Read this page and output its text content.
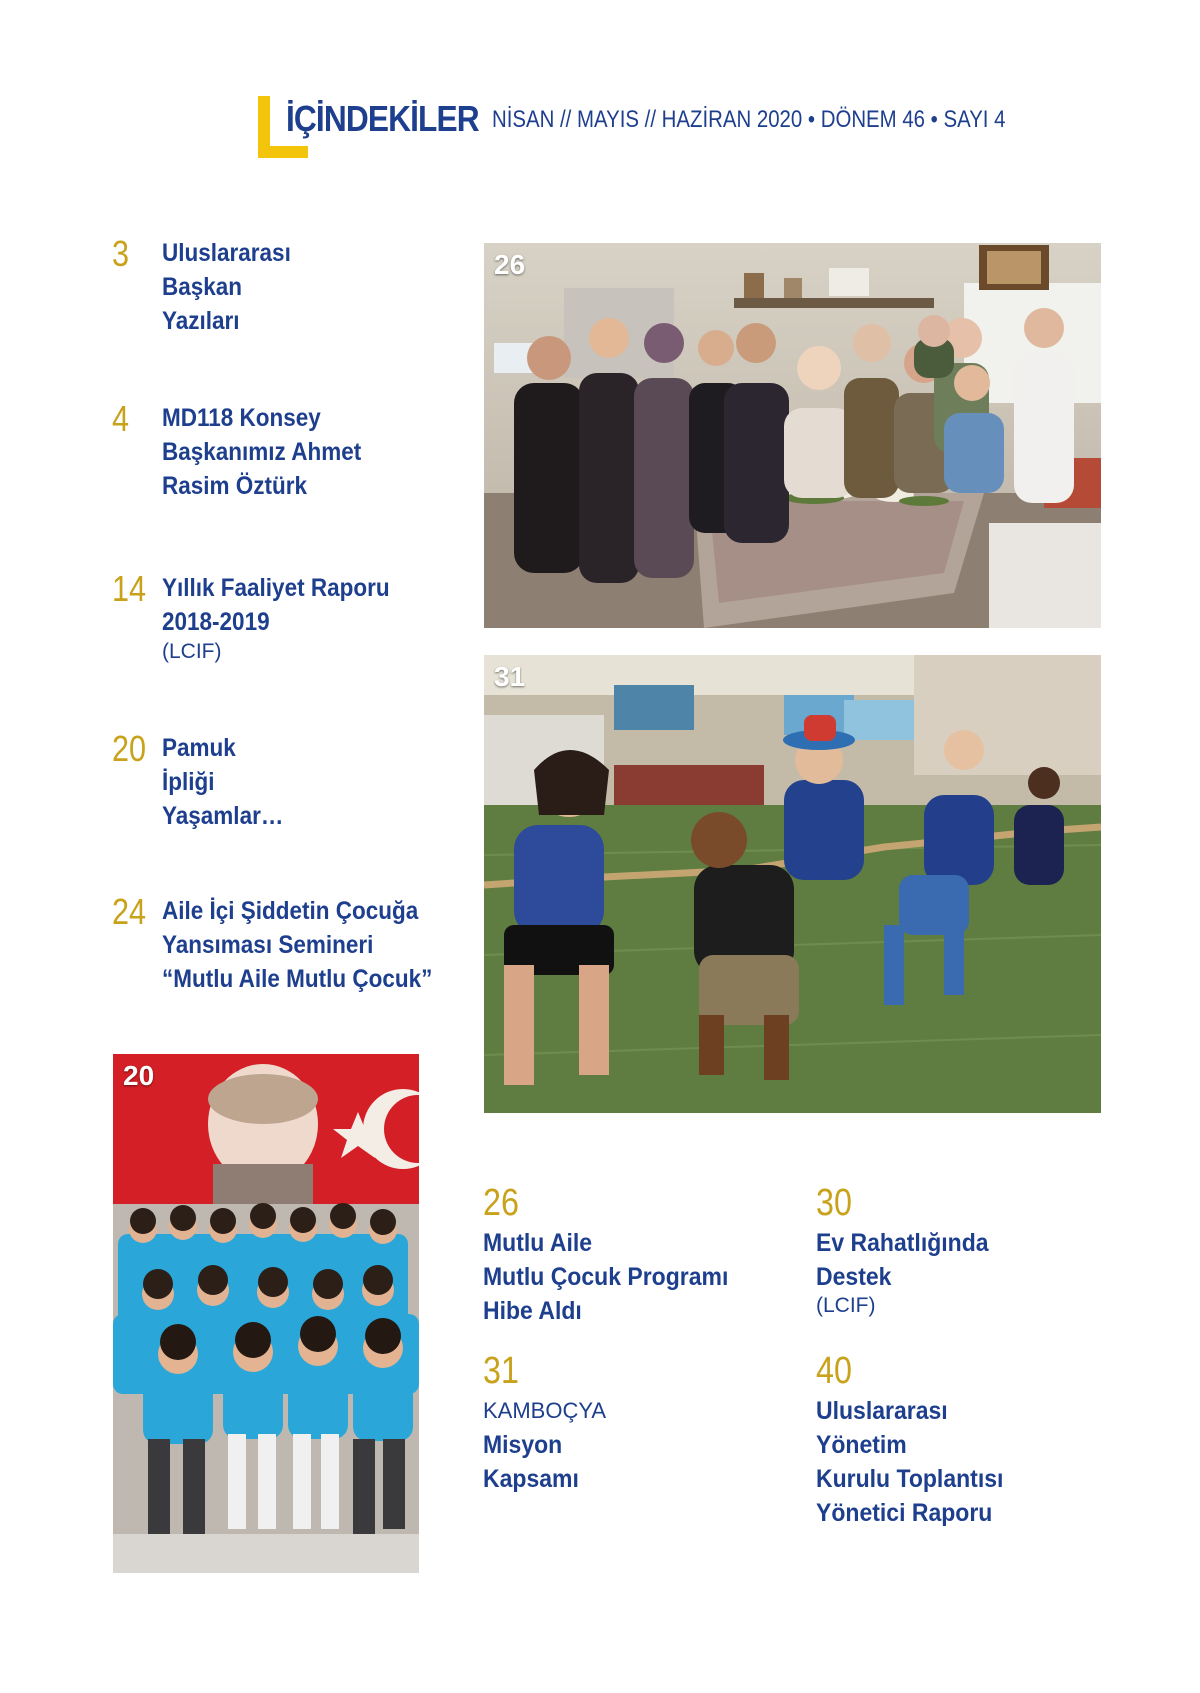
İÇİNDEKİLER NİSAN // MAYIS // HAZİRAN 2020 • DÖNEM 46 • SAYI 4
3 Uluslararası
Başkan
Yazıları
4 MD118 Konsey
Başkanımız Ahmet
Rasim Öztürk
14 Yıllık Faaliyet Raporu
2018-2019
(LCIF)
20 Pamuk
İpliği
Yaşamlar…
24 Aile İçi Şiddetin Çocuğa
Yansıması Semineri
“Mutlu Aile Mutlu Çocuk”
26
31
20
26
Mutlu Aile
Mutlu Çocuk Programı
Hibe Aldı
30
Ev Rahatlığında
Destek
(LCIF)
31
KAMBOÇYA
Misyon
Kapsamı
40
Uluslararası
Yönetim
Kurulu Toplantısı
Yönetici Raporu
